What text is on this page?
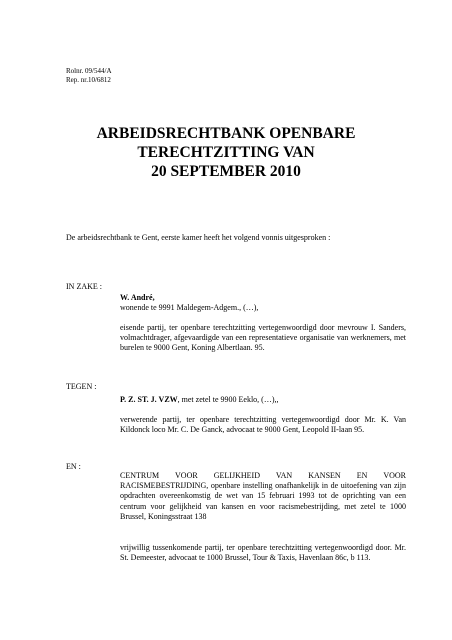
Rolnr. 09/544/A
Rep. nr.10/6812
ARBEIDSRECHTBANK OPENBARE
TERECHTZITTING VAN
20 SEPTEMBER 2010
De arbeidsrechtbank te Gent, eerste kamer heeft het volgend vonnis uitgesproken :
IN ZAKE :
W. André,
wonende te 9991 Maldegem-Adgem., (…),
eisende partij, ter openbare terechtzitting vertegenwoordigd door mevrouw I. Sanders, volmachtdrager, afgevaardigde van een representatieve organisatie van werknemers, met burelen te 9000 Gent, Koning Albertlaan. 95.
TEGEN :
P. Z. ST. J. VZW, met zetel te 9900 Eeklo, (…),,
verwerende partij, ter openbare terechtzitting vertegenwoordigd door Mr. K. Van Kildonck loco Mr. C. De Ganck, advocaat te 9000 Gent, Leopold II-laan 95.
EN :
CENTRUM VOOR GELIJKHEID VAN KANSEN EN VOOR RACISMEBESTRIJDING, openbare instelling onafhankelijk in de uitoefening van zijn opdrachten overeenkomstig de wet van 15 februari 1993 tot de oprichting van een centrum voor gelijkheid van kansen en voor racismebestrijding, met zetel te 1000 Brussel, Koningsstraat 138
vrijwillig tussenkomende partij, ter openbare terechtzitting vertegenwoordigd door. Mr. St. Demeester, advocaat te 1000 Brussel, Tour & Taxis, Havenlaan 86c, b 113.
